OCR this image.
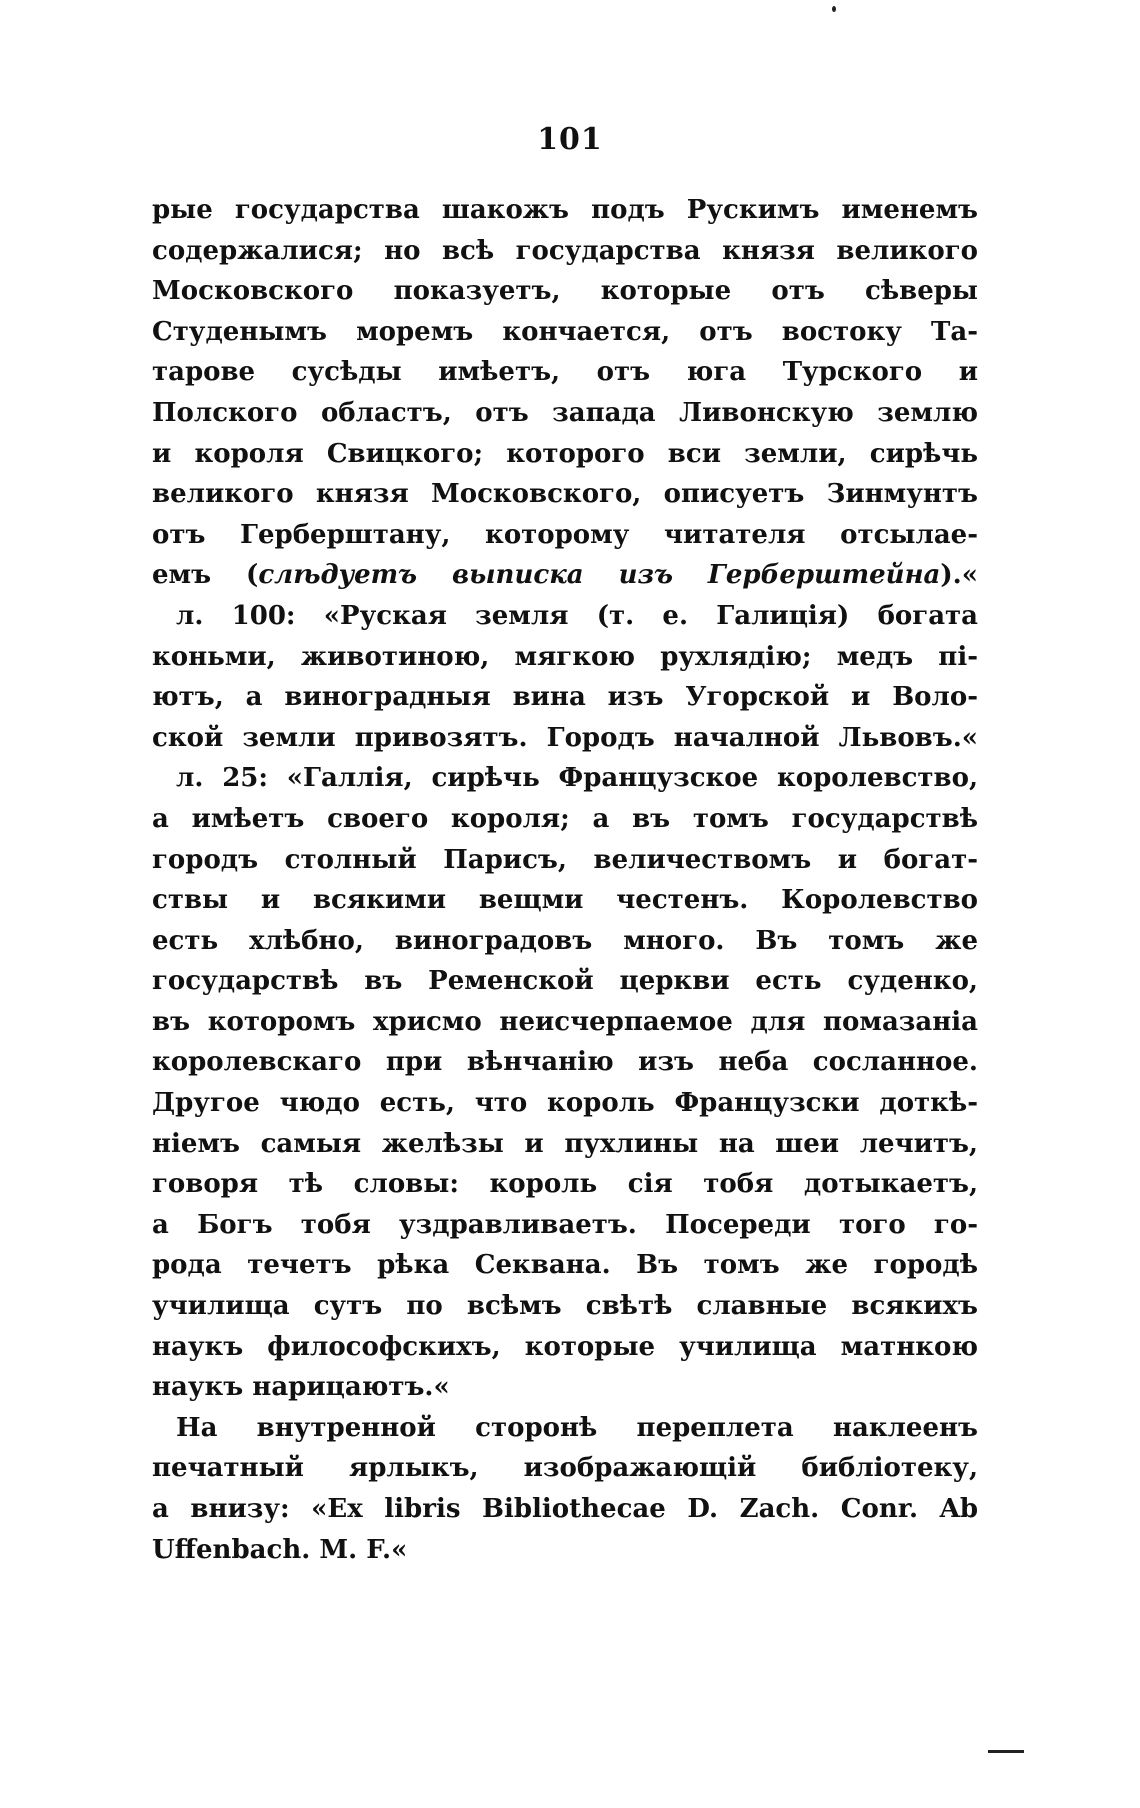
101
рые государства шакожъ подъ Рускимъ именемъ
содержалися; но всѣ государства князя великого
Московского показуетъ, которые отъ сѣверы
Студенымъ моремъ кончается, отъ востоку Та-
тарове сусѣды имѣетъ, отъ юга Турского и
Полского областъ, отъ запада Ливонскую землю
и короля Свицкого; которого вси земли, сирѣчь
великого князя Московского, описуетъ Зинмунтъ
отъ Герберштану, которому читателя отсылае-
емъ (слѣдуетъ выписка изъ Герберштейна).«
л. 100: «Руская земля (т. е. Галиція) богата
коньми, животиною, мягкою рухлядію; медъ пі-
ютъ, а виноградныя вина изъ Угорской и Воло-
ской земли привозятъ. Городъ началной Львовъ.«
л. 25: «Галлія, сирѣчь Французское королевство,
а имѣетъ своего короля; а въ томъ государствѣ
городъ столный Парисъ, величествомъ и богат-
ствы и всякими вещми честенъ. Королевство
есть хлѣбно, виноградовъ много. Въ томъ же
государствѣ въ Ременской церкви есть суденко,
въ которомъ хрисмо неисчерпаемое для помазаніа
королевскаго при вѣнчанію изъ неба сосланное.
Другое чюдо есть, что король Французски доткѣ-
ніемъ самыя желѣзы и пухлины на шеи лечитъ,
говоря тѣ словы: король сія тобя дотыкаетъ,
а Богъ тобя уздравливаетъ. Посереди того го-
рода течетъ рѣка Секвана. Въ томъ же городѣ
училища сутъ по всѣмъ свѣтѣ славные всякихъ
наукъ философскихъ, которые училища матнкою
наукъ нарицаютъ.«
На внутренной сторонѣ переплета наклеенъ
печатный ярлыкъ, изображающій библіотеку,
а внизу: «Ex libris Bibliothecae D. Zach. Conr. Ab
Uffenbach. M. F.«
